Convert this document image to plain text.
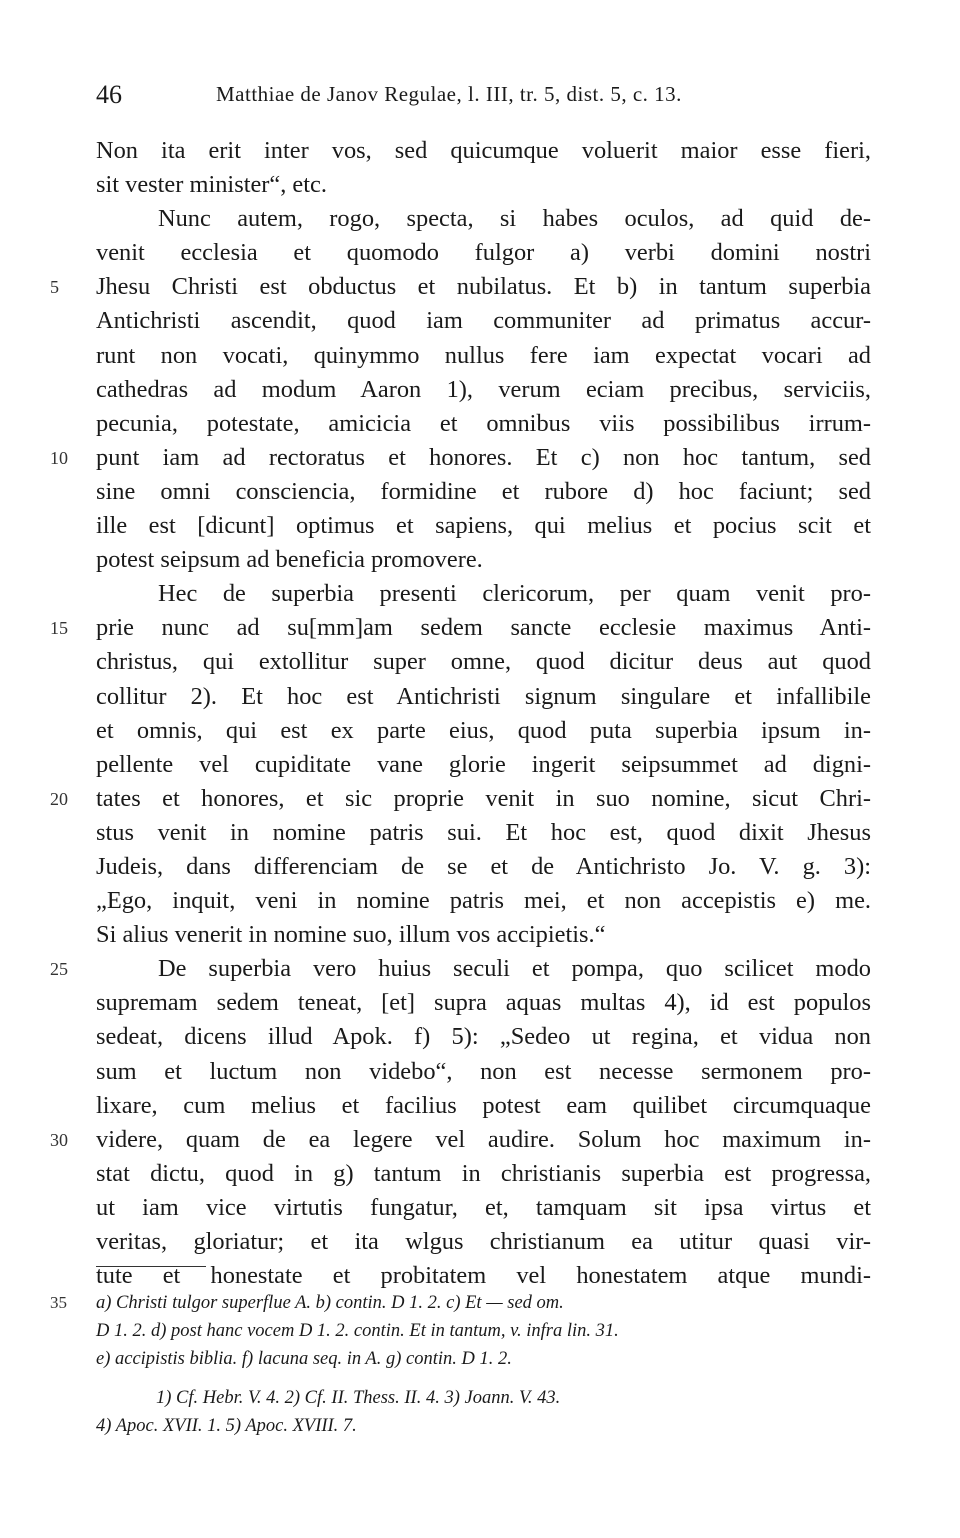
46	Matthiae de Janov Regulae, l. III, tr. 5, dist. 5, c. 13.
Non ita erit inter vos, sed quicumque voluerit maior esse fieri,
sit vester minister“, etc.
Nunc autem, rogo, specta, si habes oculos, ad quid de-
venit ecclesia et quomodo fulgor a) verbi domini nostri
5 Jhesu Christi est obductus et nubilatus. Et b) in tantum superbia
Antichristi ascendit, quod iam communiter ad primatus accur-
runt non vocati, quinymmo nullus fere iam expectat vocari ad
cathedras ad modum Aaron 1), verum eciam precibus, serviciis,
pecunia, potestate, amicicia et omnibus viis possibilibus irrum-
10 punt iam ad rectoratus et honores. Et c) non hoc tantum, sed
sine omni consciencia, formidine et rubore d) hoc faciunt; sed
ille est [dicunt] optimus et sapiens, qui melius et pocius scit et
potest seipsum ad beneficia promovere.
Hec de superbia presenti clericorum, per quam venit pro-
15 prie nunc ad su[mm]am sedem sancte ecclesie maximus Anti-
christus, qui extollitur super omne, quod dicitur deus aut quod
collitur 2). Et hoc est Antichristi signum singulare et infallibile
et omnis, qui est ex parte eius, quod puta superbia ipsum in-
pellente vel cupiditate vane glorie ingerit seipsummet ad digni-
20 tates et honores, et sic proprie venit in suo nomine, sicut Chri-
stus venit in nomine patris sui. Et hoc est, quod dixit Jhesus
Judeis, dans differenciam de se et de Antichristo Jo. V. g. 3):
„Ego, inquit, veni in nomine patris mei, et non accepistis e) me.
Si alius venerit in nomine suo, illum vos accipietis.“
25	De superbia vero huius seculi et pompa, quo scilicet modo
supremam sedem teneat, [et] supra aquas multas 4), id est populos
sedeat, dicens illud Apok. f) 5): „Sedeo ut regina, et vidua non
sum et luctum non videbo“, non est necesse sermonem pro-
lixare, cum melius et facilius potest eam quilibet circumquaque
30 videre, quam de ea legere vel audire. Solum hoc maximum in-
stat dictu, quod in g) tantum in christianis superbia est progressa,
ut iam vice virtutis fungatur, et, tamquam sit ipsa virtus et
veritas, gloriatur; et ita wlgus christianum ea utitur quasi vir-
tute et honestate et probitatem vel honestatem atque mundi-
35 a) Christi tulgor superflue A. b) contin. D 1. 2. c) Et — sed om.
D 1. 2. d) post hanc vocem D 1. 2. contin. Et in tantum, v. infra lin. 31.
e) accipistis biblia. f) lacuna seq. in A. g) contin. D 1. 2.
1) Cf. Hebr. V. 4. 2) Cf. II. Thess. II. 4. 3) Joann. V. 43.
4) Apoc. XVII. 1. 5) Apoc. XVIII. 7.
